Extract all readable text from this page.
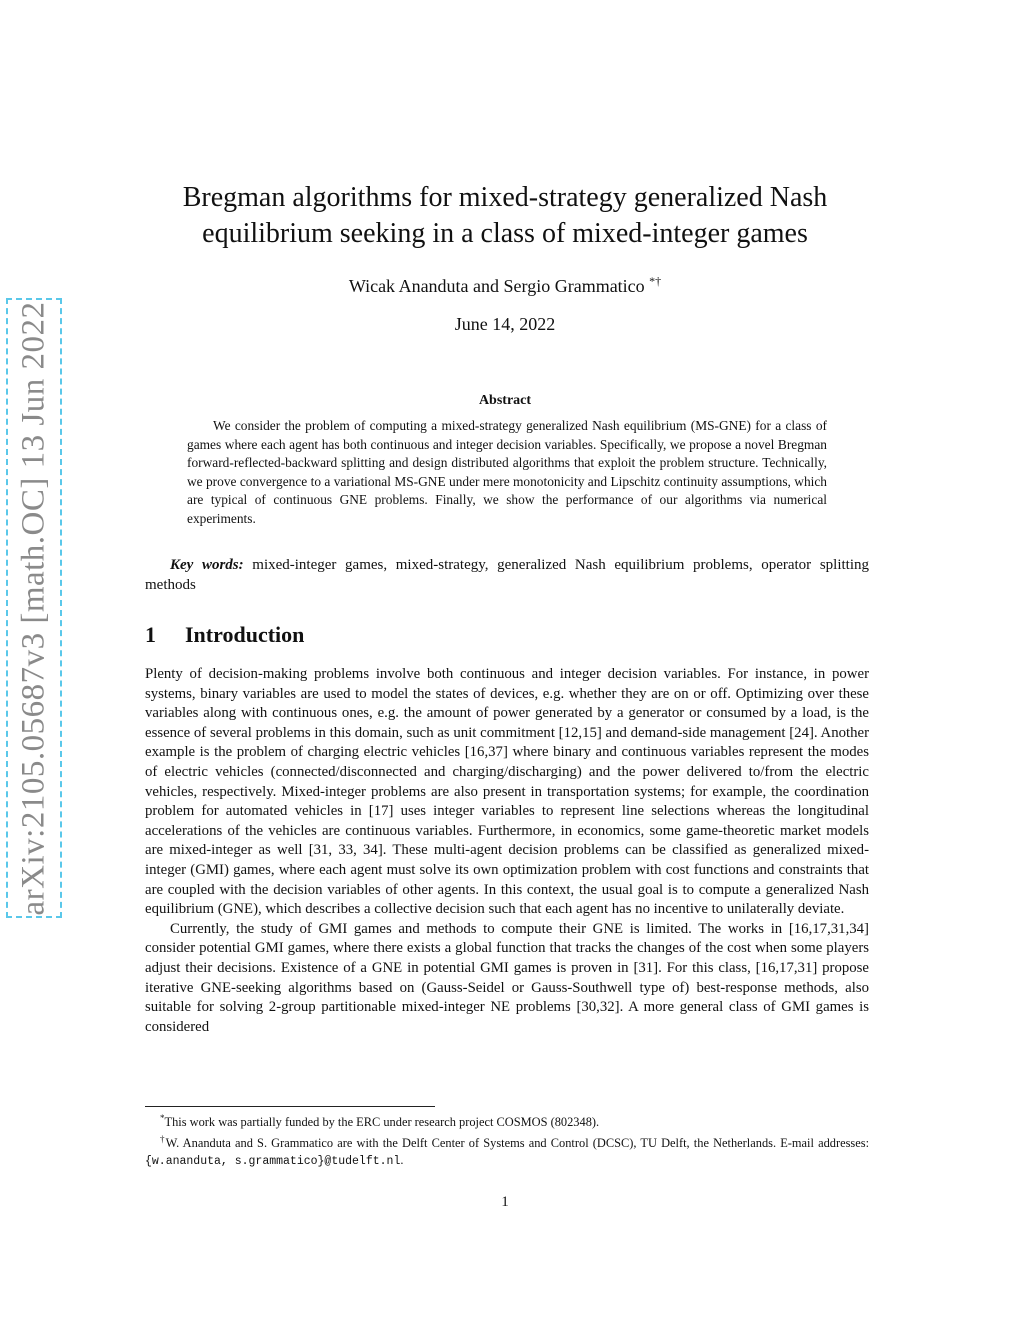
arXiv:2105.05687v3 [math.OC] 13 Jun 2022
Bregman algorithms for mixed-strategy generalized Nash
equilibrium seeking in a class of mixed-integer games
Wicak Ananduta and Sergio Grammatico *†
June 14, 2022
Abstract

We consider the problem of computing a mixed-strategy generalized Nash equilibrium (MS-GNE) for a class of games where each agent has both continuous and integer decision variables. Specifically, we propose a novel Bregman forward-reflected-backward splitting and design distributed algorithms that exploit the problem structure. Technically, we prove convergence to a variational MS-GNE under mere monotonicity and Lipschitz continuity assumptions, which are typical of continuous GNE problems. Finally, we show the performance of our algorithms via numerical experiments.

Key words: mixed-integer games, mixed-strategy, generalized Nash equilibrium problems, operator splitting methods

1 Introduction

Plenty of decision-making problems involve both continuous and integer decision variables. For instance, in power systems, binary variables are used to model the states of devices, e.g. whether they are on or off. Optimizing over these variables along with continuous ones, e.g. the amount of power generated by a generator or consumed by a load, is the essence of several problems in this domain, such as unit commitment [12,15] and demand-side management [24]. Another example is the problem of charging electric vehicles [16,37] where binary and continuous variables represent the modes of electric vehicles (connected/disconnected and charging/discharging) and the power delivered to/from the electric vehicles, respectively. Mixed-integer problems are also present in transportation systems; for example, the coordination problem for automated vehicles in [17] uses integer variables to represent line selections whereas the longitudinal accelerations of the vehicles are continuous variables. Furthermore, in economics, some game-theoretic market models are mixed-integer as well [31, 33, 34]. These multi-agent decision problems can be classified as generalized mixed-integer (GMI) games, where each agent must solve its own optimization problem with cost functions and constraints that are coupled with the decision variables of other agents. In this context, the usual goal is to compute a generalized Nash equilibrium (GNE), which describes a collective decision such that each agent has no incentive to unilaterally deviate.

Currently, the study of GMI games and methods to compute their GNE is limited. The works in [16,17,31,34] consider potential GMI games, where there exists a global function that tracks the changes of the cost when some players adjust their decisions. Existence of a GNE in potential GMI games is proven in [31]. For this class, [16,17,31] propose iterative GNE-seeking algorithms based on (Gauss-Seidel or Gauss-Southwell type of) best-response methods, also suitable for solving 2-group partitionable mixed-integer NE problems [30,32]. A more general class of GMI games is considered

*This work was partially funded by the ERC under research project COSMOS (802348).

†W. Ananduta and S. Grammatico are with the Delft Center of Systems and Control (DCSC), TU Delft, the Netherlands. E-mail addresses: {w.ananduta, s.grammatico}@tudelft.nl.

1
